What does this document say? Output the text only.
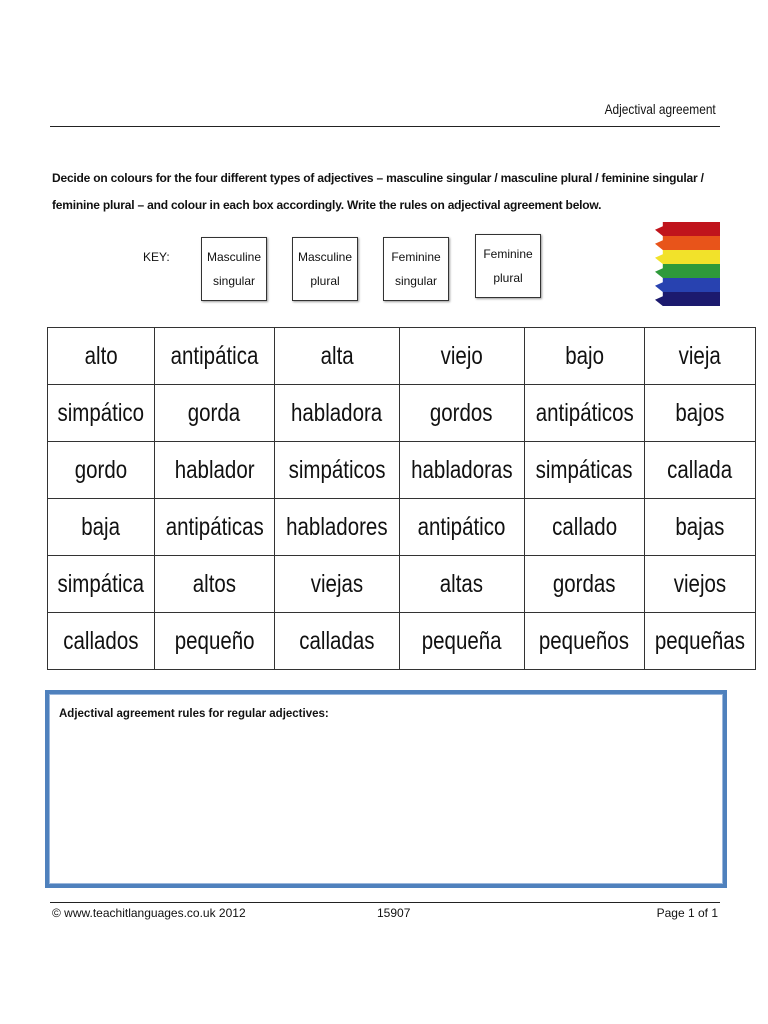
Adjectival agreement
Decide on colours for the four different types of adjectives – masculine singular / masculine plural / feminine singular / feminine plural – and colour in each box accordingly. Write the rules on adjectival agreement below.
KEY:	Masculine
singular
Masculine
plural
Feminine
singular
Feminine
plural
alto	antipática	alta	viejo	bajo	vieja
simpático	gorda	habladora	gordos	antipáticos	bajos
gordo	hablador	simpáticos	habladoras	simpáticas	callada
baja	antipáticas	habladores	antipático	callado	bajas
simpática	altos	viejas	altas	gordas	viejos
callados	pequeño	calladas	pequeña	pequeños	pequeñas
Adjectival agreement rules for regular adjectives:
© www.teachitlanguages.co.uk 2012	15907	Page 1 of 1
